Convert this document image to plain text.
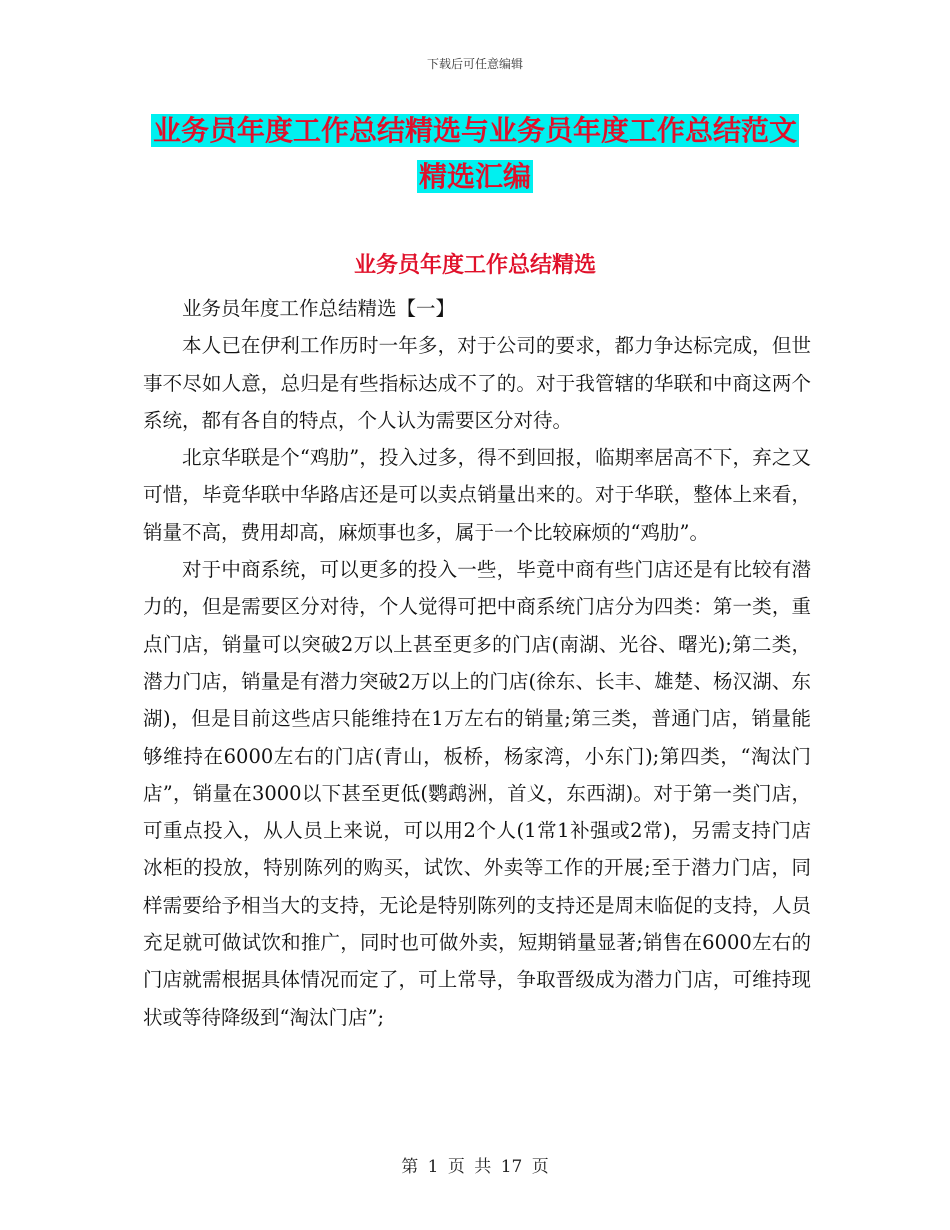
下载后可任意编辑
业务员年度工作总结精选与业务员年度工作总结范文
精选汇编
业务员年度工作总结精选

业务员年度工作总结精选【一】

本人已在伊利工作历时一年多，对于公司的要求，都力争达标完成，但世事不尽如人意，总归是有些指标达成不了的。对于我管辖的华联和中商这两个系统，都有各自的特点，个人认为需要区分对待。

北京华联是个“鸡肋”，投入过多，得不到回报，临期率居高不下，弃之又可惜，毕竟华联中华路店还是可以卖点销量出来的。对于华联，整体上来看，销量不高，费用却高，麻烦事也多，属于一个比较麻烦的“鸡肋”。

对于中商系统，可以更多的投入一些，毕竟中商有些门店还是有比较有潜力的，但是需要区分对待，个人觉得可把中商系统门店分为四类：第一类，重点门店，销量可以突破2万以上甚至更多的门店(南湖、光谷、曙光);第二类，潜力门店，销量是有潜力突破2万以上的门店(徐东、长丰、雄楚、杨汉湖、东湖)，但是目前这些店只能维持在1万左右的销量;第三类，普通门店，销量能够维持在6000左右的门店(青山，板桥，杨家湾，小东门);第四类，“淘汰门店”，销量在3000以下甚至更低(鹦鹉洲，首义，东西湖)。对于第一类门店，可重点投入，从人员上来说，可以用2个人(1常1补强或2常)，另需支持门店冰柜的投放，特别陈列的购买，试饮、外卖等工作的开展;至于潜力门店，同样需要给予相当大的支持，无论是特别陈列的支持还是周末临促的支持，人员充足就可做试饮和推广，同时也可做外卖，短期销量显著;销售在6000左右的门店就需根据具体情况而定了，可上常导，争取晋级成为潜力门店，可维持现状或等待降级到“淘汰门店”;

第 1 页 共 17 页
